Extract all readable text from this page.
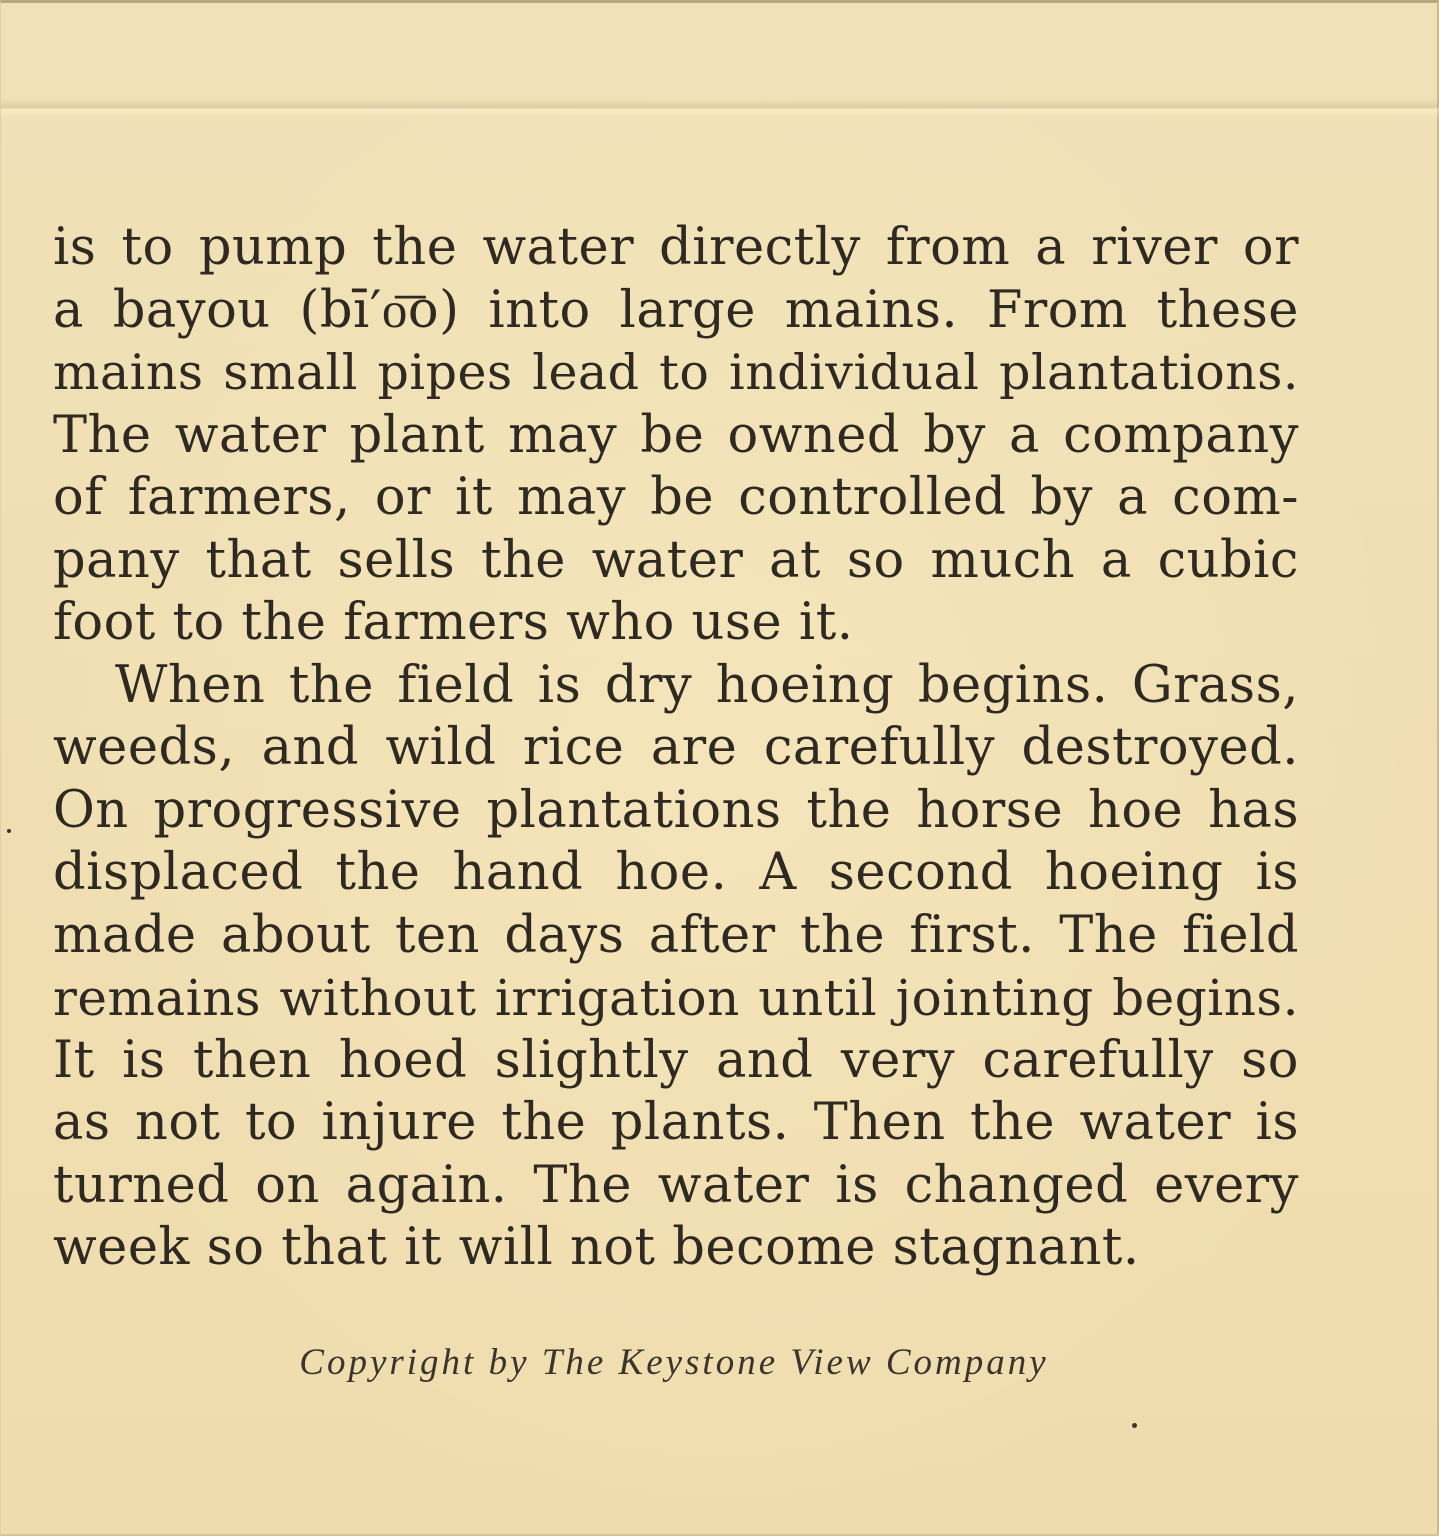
is to pump the water directly from a river or
a bayou (bī′o͞o) into large mains. From these
mains small pipes lead to individual plantations.
The water plant may be owned by a company
of farmers, or it may be controlled by a com-
pany that sells the water at so much a cubic
foot to the farmers who use it.

When the field is dry hoeing begins. Grass,
weeds, and wild rice are carefully destroyed.
On progressive plantations the horse hoe has
displaced the hand hoe. A second hoeing is
made about ten days after the first. The field
remains without irrigation until jointing begins.
It is then hoed slightly and very carefully so
as not to injure the plants. Then the water is
turned on again. The water is changed every
week so that it will not become stagnant.

Copyright by The Keystone View Company
